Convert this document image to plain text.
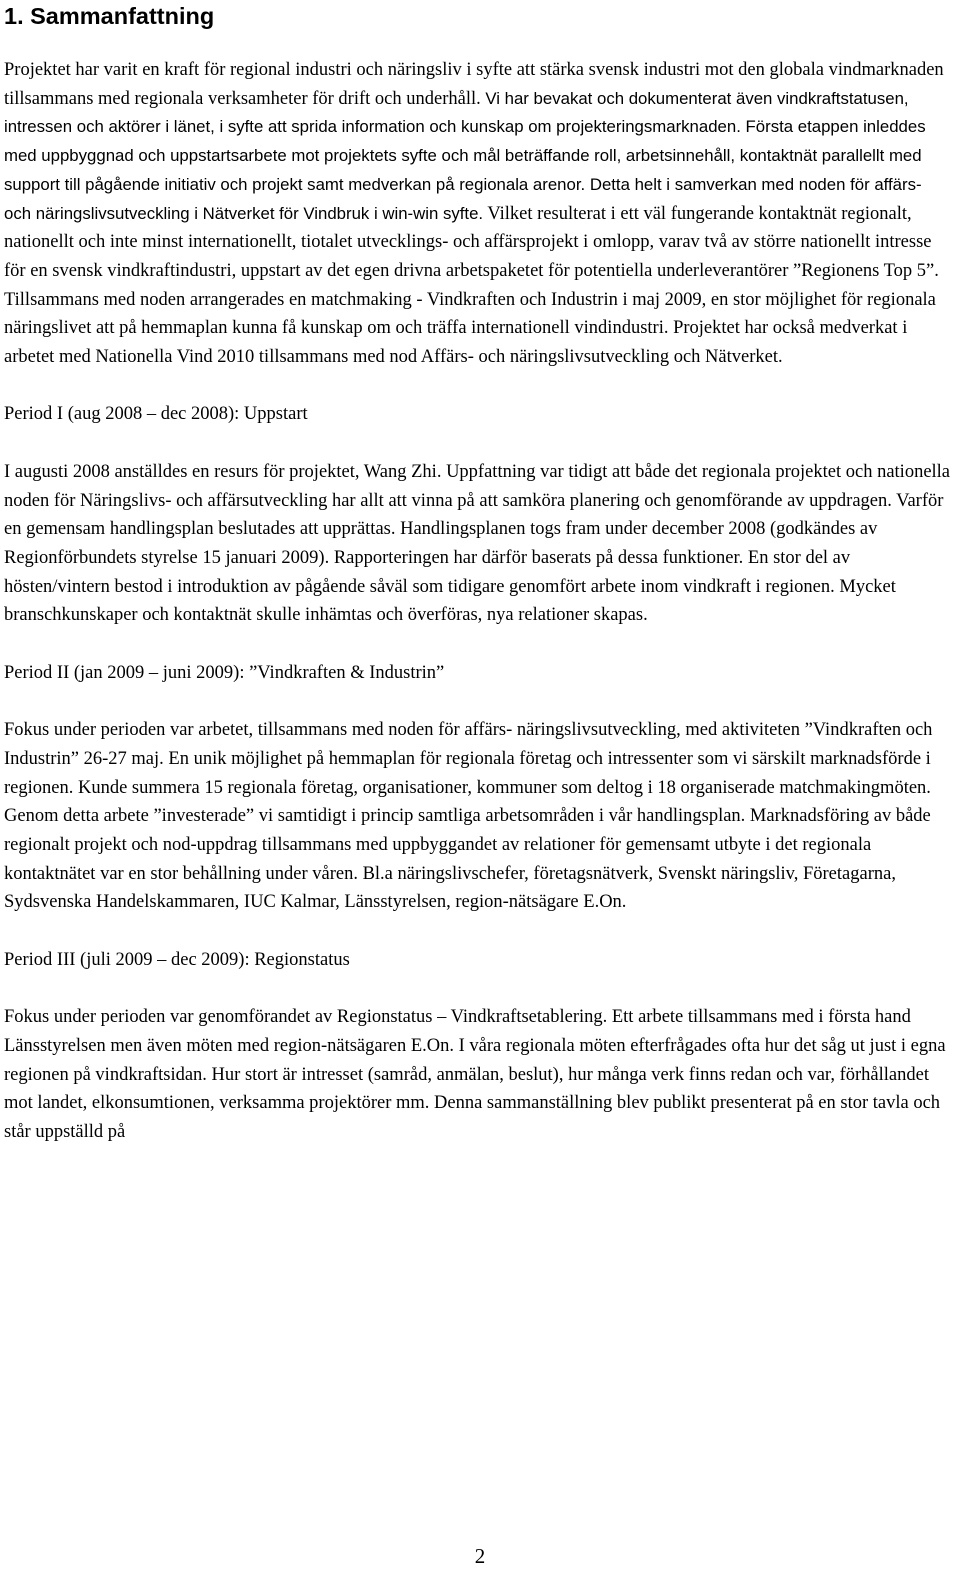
1. Sammanfattning

Projektet har varit en kraft för regional industri och näringsliv i syfte att stärka svensk industri mot den globala vindmarknaden tillsammans med regionala verksamheter för drift och underhåll. Vi har bevakat och dokumenterat även vindkraftstatusen, intressen och aktörer i länet, i syfte att sprida information och kunskap om projekteringsmarknaden. Första etappen inleddes med uppbyggnad och uppstartsarbete mot projektets syfte och mål beträffande roll, arbetsinnehåll, kontaktnät parallellt med support till pågående initiativ och projekt samt medverkan på regionala arenor. Detta helt i samverkan med noden för affärs- och näringslivsutveckling i Nätverket för Vindbruk i win-win syfte. Vilket resulterat i ett väl fungerande kontaktnät regionalt, nationellt och inte minst internationellt, tiotalet utvecklings- och affärsprojekt i omlopp, varav två av större nationellt intresse för en svensk vindkraftindustri, uppstart av det egen drivna arbetspaketet för potentiella underleverantörer ”Regionens Top 5”. Tillsammans med noden arrangerades en matchmaking - Vindkraften och Industrin i maj 2009, en stor möjlighet för regionala näringslivet att på hemmaplan kunna få kunskap om och träffa internationell vindindustri. Projektet har också medverkat i arbetet med Nationella Vind 2010 tillsammans med nod Affärs- och näringslivsutveckling och Nätverket.

Period I (aug 2008 – dec 2008): Uppstart

I augusti 2008 anställdes en resurs för projektet, Wang Zhi. Uppfattning var tidigt att både det regionala projektet och nationella noden för Näringslivs- och affärsutveckling har allt att vinna på att samköra planering och genomförande av uppdragen. Varför en gemensam handlingsplan beslutades att upprättas. Handlingsplanen togs fram under december 2008 (godkändes av Regionförbundets styrelse 15 januari 2009). Rapporteringen har därför baserats på dessa funktioner. En stor del av hösten/vintern bestod i introduktion av pågående såväl som tidigare genomfört arbete inom vindkraft i regionen. Mycket branschkunskaper och kontaktnät skulle inhämtas och överföras, nya relationer skapas.

Period II (jan 2009 – juni 2009): ”Vindkraften & Industrin”

Fokus under perioden var arbetet, tillsammans med noden för affärs- näringslivsutveckling, med aktiviteten ”Vindkraften och Industrin” 26-27 maj. En unik möjlighet på hemmaplan för regionala företag och intressenter som vi särskilt marknadsförde i regionen. Kunde summera 15 regionala företag, organisationer, kommuner som deltog i 18 organiserade matchmakingmöten. Genom detta arbete ”investerade” vi samtidigt i princip samtliga arbetsområden i vår handlingsplan. Marknadsföring av både regionalt projekt och nod-uppdrag tillsammans med uppbyggandet av relationer för gemensamt utbyte i det regionala kontaktnätet var en stor behållning under våren. Bl.a näringslivschefer, företagsnätverk, Svenskt näringsliv, Företagarna, Sydsvenska Handelskammaren, IUC Kalmar, Länsstyrelsen, region-nätsägare E.On.

Period III (juli 2009 – dec 2009): Regionstatus

Fokus under perioden var genomförandet av Regionstatus – Vindkraftsetablering. Ett arbete tillsammans med i första hand Länsstyrelsen men även möten med region-nätsägaren E.On. I våra regionala möten efterfrågades ofta hur det såg ut just i egna regionen på vindkraftsidan. Hur stort är intresset (samråd, anmälan, beslut), hur många verk finns redan och var, förhållandet mot landet, elkonsumtionen, verksamma projektörer mm. Denna sammanställning blev publikt presenterat på en stor tavla och står uppställd på

2
